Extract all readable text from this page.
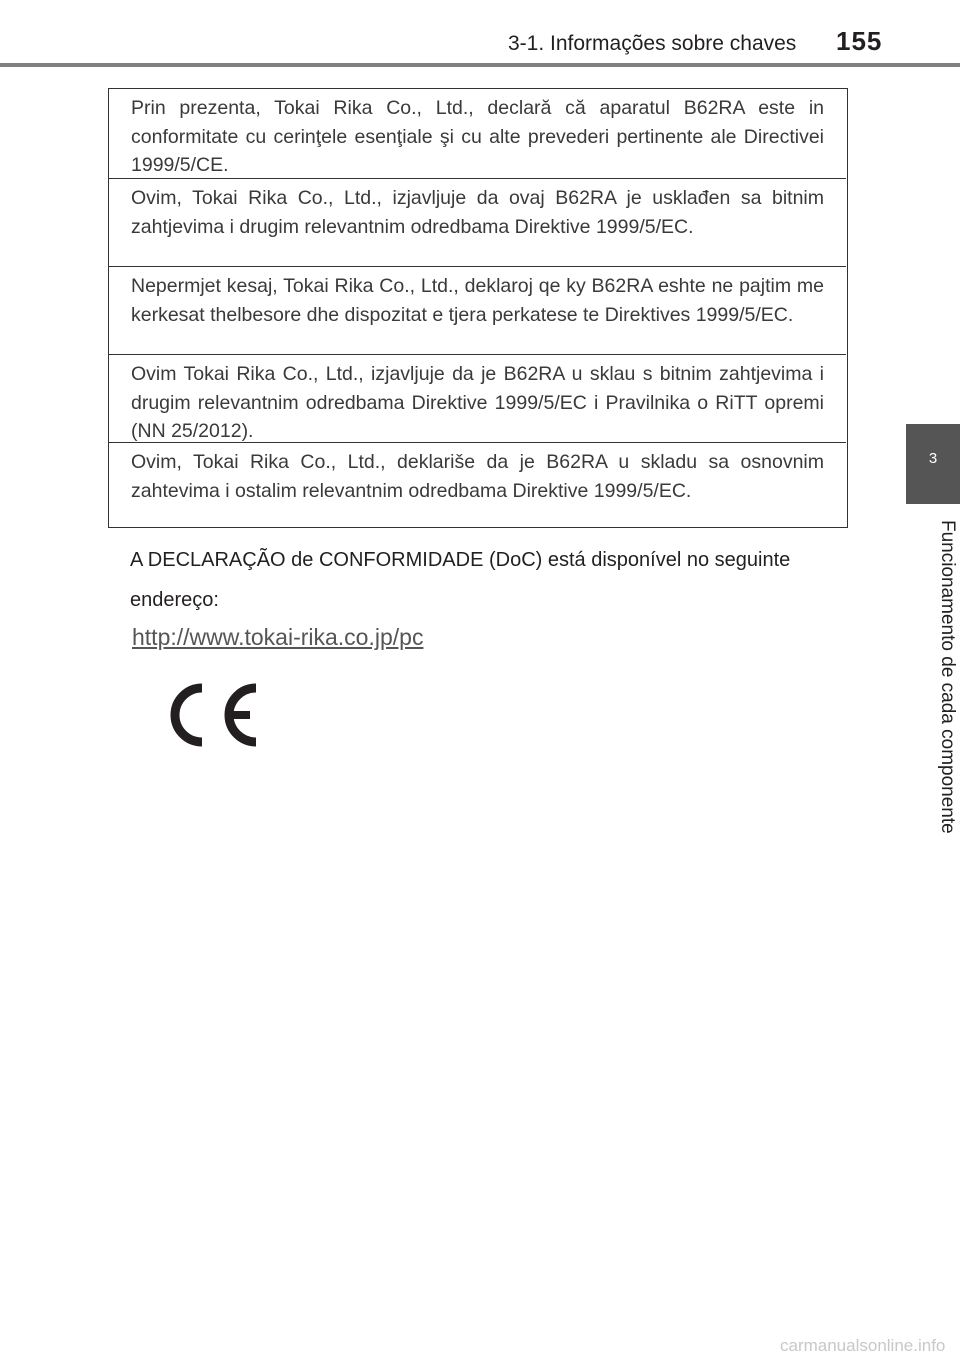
3-1. Informações sobre chaves 155
3
Funcionamento de cada componente
Prin prezenta, Tokai Rika Co., Ltd., declară că aparatul B62RA este in conformitate cu cerinţele esenţiale şi cu alte prevederi pertinente ale Directivei 1999/5/CE.
Ovim, Tokai Rika Co., Ltd., izjavljuje da ovaj B62RA je usklađen sa bitnim zahtjevima i drugim relevantnim odredbama Direktive 1999/5/EC.
Nepermjet kesaj, Tokai Rika Co., Ltd., deklaroj qe ky B62RA eshte ne pajtim me kerkesat thelbesore dhe dispozitat e tjera perkatese te Direktives 1999/5/EC.
Ovim Tokai Rika Co., Ltd., izjavljuje da je B62RA u sklau s bitnim zahtjevima i drugim relevantnim odredbama Direktive 1999/5/EC i Pravilnika o RiTT opremi (NN 25/2012).
Ovim, Tokai Rika Co., Ltd., deklariše da je B62RA u skladu sa osnovnim zahtevima i ostalim relevantnim odredbama Direktive 1999/5/EC.

A DECLARAÇÃO de CONFORMIDADE (DoC) está disponível no seguinte endereço:

http://www.tokai-rika.co.jp/pc
carmanualsonline.info
